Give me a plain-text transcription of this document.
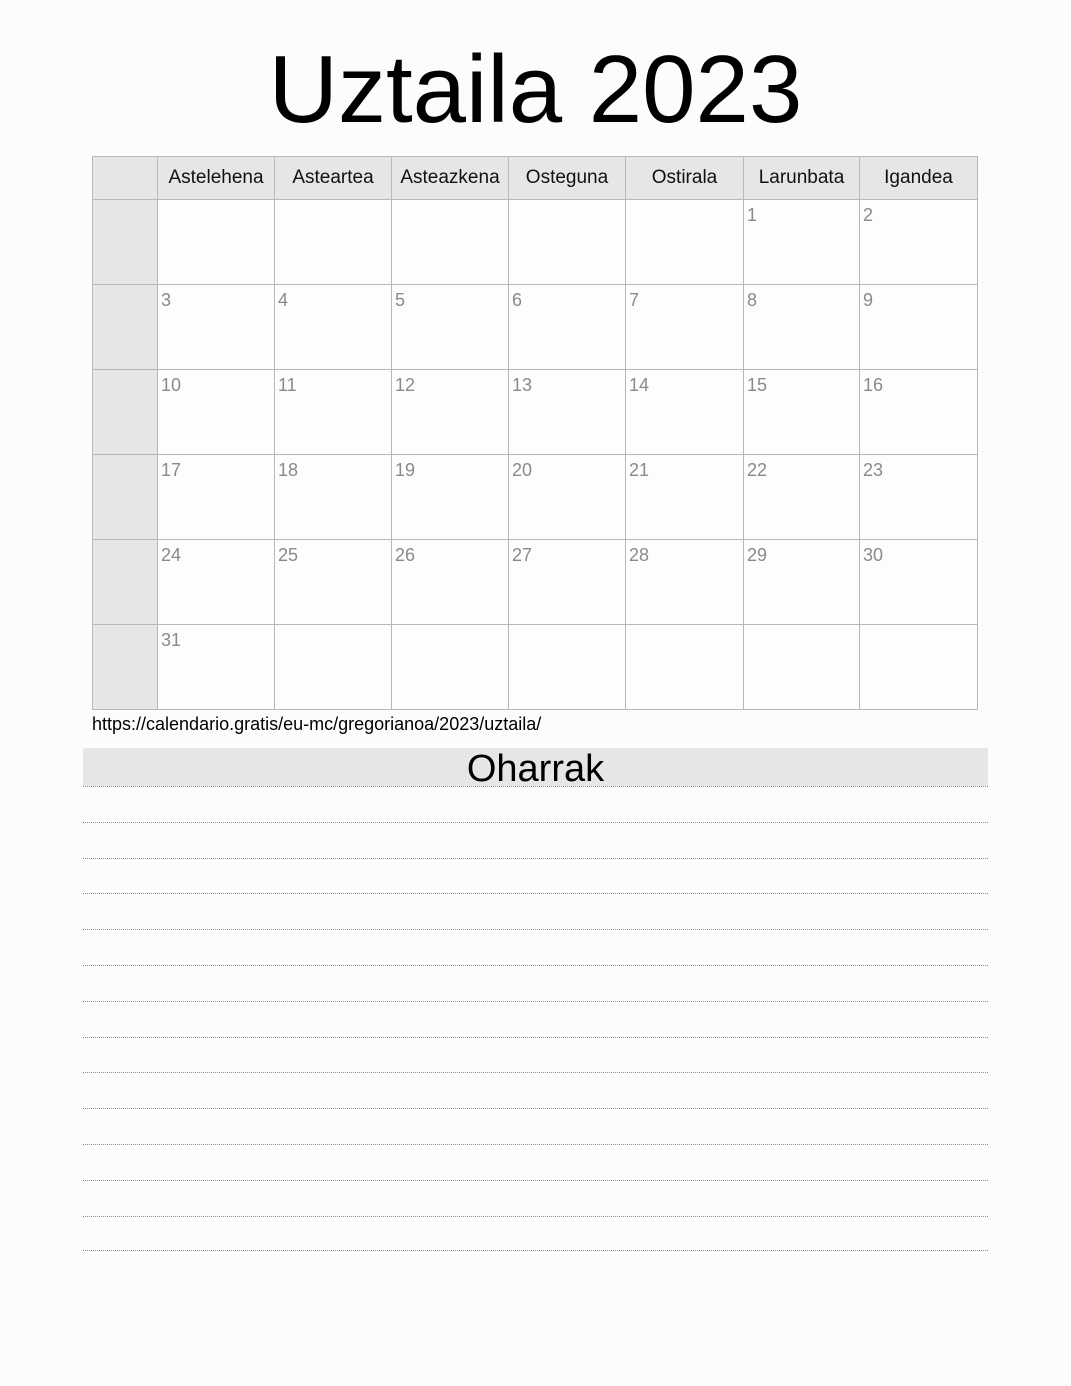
Uztaila 2023
	Astelehena	Asteartea	Asteazkena	Osteguna	Ostirala	Larunbata	Igandea

						1	2

	3	4	5	6	7	8	9

	10	11	12	13	14	15	16

	17	18	19	20	21	22	23

	24	25	26	27	28	29	30

	31						

https://calendario.gratis/eu-mc/gregorianoa/2023/uztaila/
Oharrak
